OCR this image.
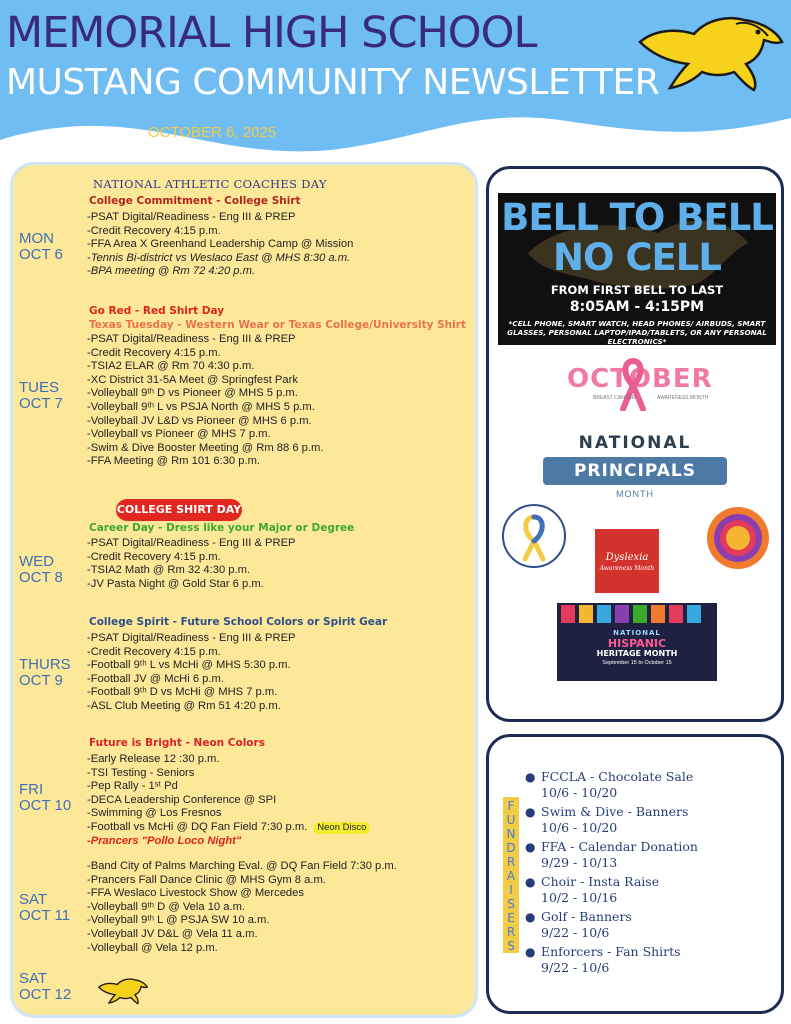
MEMORIAL HIGH SCHOOL
MUSTANG COMMUNITY NEWSLETTER
OCTOBER 6, 2025
NATIONAL ATHLETIC COACHES DAY
College Commitment - College Shirt
MON
OCT 6
-PSAT Digital/Readiness - Eng III & PREP
-Credit Recovery 4:15 p.m.
-FFA Area X Greenhand Leadership Camp @ Mission
-Tennis Bi-district vs Weslaco East @ MHS 8:30 a.m.
-BPA meeting @ Rm 72 4:20 p.m.
Go Red - Red Shirt Day
Texas Tuesday - Western Wear or Texas College/University Shirt
TUES
OCT 7
-PSAT Digital/Readiness - Eng III & PREP
-Credit Recovery 4:15 p.m.
-TSIA2 ELAR @ Rm 70 4:30 p.m.
-XC District 31-5A Meet @ Springfest Park
-Volleyball 9ᵗʰ D vs Pioneer @ MHS 5 p.m.
-Volleyball 9ᵗʰ L vs PSJA North @ MHS 5 p.m.
-Volleyball JV L&D vs Pioneer @ MHS 6 p.m.
-Volleyball vs Pioneer @ MHS 7 p.m.
-Swim & Dive Booster Meeting @ Rm 88 6 p.m.
-FFA Meeting @ Rm 101 6:30 p.m.
COLLEGE SHIRT DAY
Career Day - Dress like your Major or Degree
WED
OCT 8
-PSAT Digital/Readiness - Eng III & PREP
-Credit Recovery 4:15 p.m.
-TSIA2 Math @ Rm 32 4:30 p.m.
-JV Pasta Night @ Gold Star 6 p.m.
College Spirit - Future School Colors or Spirit Gear
THURS
OCT 9
-PSAT Digital/Readiness - Eng III & PREP
-Credit Recovery 4:15 p.m.
-Football 9ᵗʰ L vs McHi @ MHS 5:30 p.m.
-Football JV @ McHi 6 p.m.
-Football 9ᵗʰ D vs McHi @ MHS 7 p.m.
-ASL Club Meeting @ Rm 51 4:20 p.m.
Future is Bright - Neon Colors
FRI
OCT 10
-Early Release 12 :30 p.m.
-TSI Testing - Seniors
-Pep Rally - 1ˢᵗ Pd
-DECA Leadership Conference @ SPI
-Swimming @ Los Fresnos
-Football vs McHi @ DQ Fan Field 7:30 p.m. Neon Disco
-Prancers "Pollo Loco Night"
SAT
OCT 11
-Band City of Palms Marching Eval. @ DQ Fan Field 7:30 p.m.
-Prancers Fall Dance Clinic @ MHS Gym 8 a.m.
-FFA Weslaco Livestock Show @ Mercedes
-Volleyball 9ᵗʰ D @ Vela 10 a.m.
-Volleyball 9ᵗʰ L @ PSJA SW 10 a.m.
-Volleyball JV D&L @ Vela 11 a.m.
-Volleyball @ Vela 12 p.m.
SAT
OCT 12
BELL TO BELL
NO CELL
FROM FIRST BELL TO LAST
8:05AM - 4:15PM
*CELL PHONE, SMART WATCH, HEAD PHONES/ AIRBUDS, SMART GLASSES, PERSONAL LAPTOP/IPAD/TABLETS, OR ANY PERSONAL ELECTRONICS*
OCTOBER
BREAST CANCER	AWARENESS MONTH
NATIONAL
PRINCIPALS
MONTH
Dyslexia
Awareness Month
NATIONAL
HISPANIC
HERITAGE MONTH
September 15 to October 15
F
U
N
D
R
A
I
S
E
R
S
● FCCLA - Chocolate Sale
10/6 - 10/20
● Swim & Dive - Banners
10/6 - 10/20
● FFA - Calendar Donation
9/29 - 10/13
● Choir - Insta Raise
10/2 - 10/16
● Golf - Banners
9/22 - 10/6
● Enforcers - Fan Shirts
9/22 - 10/6
